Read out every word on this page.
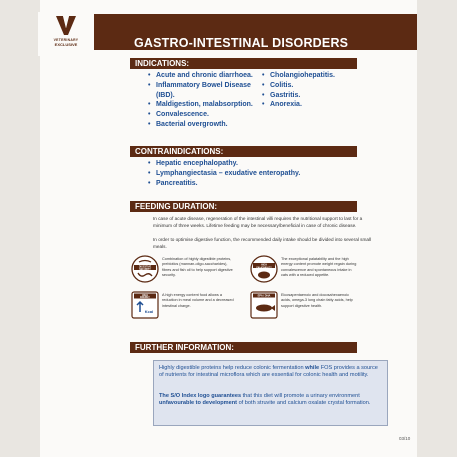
GASTRO-INTESTINAL DISORDERS
VETERINARY
EXCLUSIVE
INDICATIONS:
• Acute and chronic diarrhoea.
• Inflammatory Bowel Disease (IBD).
• Maldigestion, malabsorption.
• Convalescence.
• Bacterial overgrowth.
• Cholangiohepatitis.
• Colitis.
• Gastritis.
• Anorexia.
CONTRAINDICATIONS:
• Hepatic encephalopathy.
• Lymphangiectasia – exudative enteropathy.
• Pancreatitis.
FEEDING DURATION:
In case of acute disease, regeneration of the intestinal villi requires the nutritional support to last for a minimum of three weeks. Lifetime feeding may be necessary/beneficial in case of chronic disease.
In order to optimise digestive function, the recommended daily intake should be divided into several small meals.
DIGESTIVE
SECURITY
Combination of highly digestible proteins, prebiotics (mannan-oligo-saccharides), fibres and fish oil to help support digestive security.
HIGH
PALATABILITY
The exceptional palatability and the high energy content promote weight regain during convalescence and spontaneous intake in cats with a reduced appetite.
HIGH
ENERGY
Kcal
A high energy content food allows a reduction in meal volume and a decreased intestinal charge.
EPA / DHA	Eicosapentaenoic and docosahexaenoic acids, omega-3 long chain fatty acids, help support digestive health.
FURTHER INFORMATION:

Highly digestible proteins help reduce colonic fermentation while FOS provides a source of nutrients for intestinal microflora which are essential for colonic health and motility.

The S/O Index logo guarantees that this diet will promote a urinary environment unfavourable to development of both struvite and calcium oxalate crystal formation.

03/10
